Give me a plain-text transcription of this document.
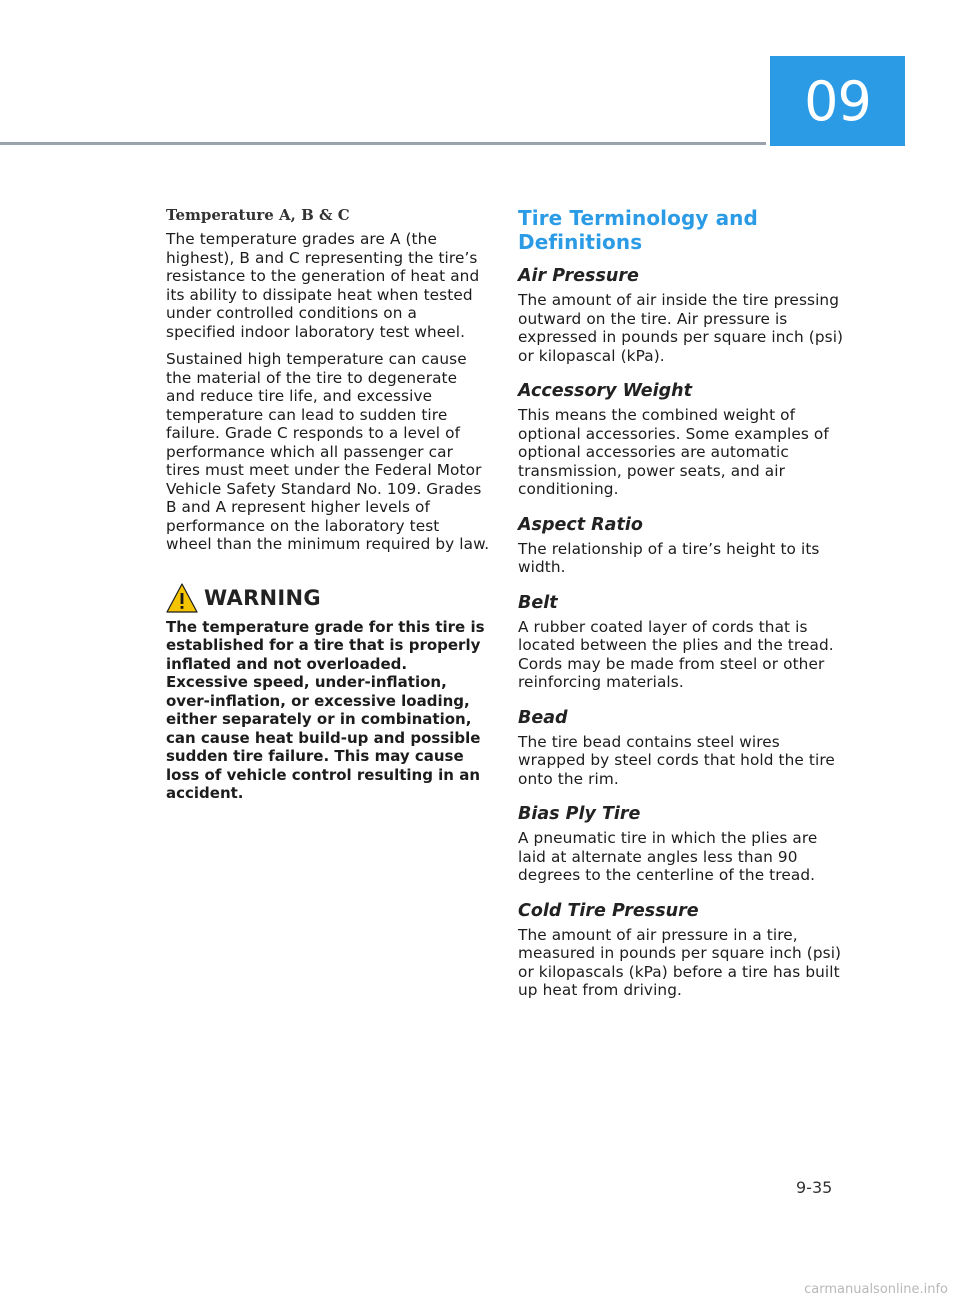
09
Temperature A, B & C

The temperature grades are A (the highest), B and C representing the tire’s resistance to the generation of heat and its ability to dissipate heat when tested under controlled conditions on a specified indoor laboratory test wheel.

Sustained high temperature can cause the material of the tire to degenerate and reduce tire life, and excessive temperature can lead to sudden tire failure. Grade C responds to a level of performance which all passenger car tires must meet under the Federal Motor Vehicle Safety Standard No. 109. Grades B and A represent higher levels of performance on the laboratory test wheel than the minimum required by law.

WARNING

The temperature grade for this tire is established for a tire that is properly inflated and not overloaded. Excessive speed, under-inflation, over-inflation, or excessive loading, either separately or in combination, can cause heat build-up and possible sudden tire failure. This may cause loss of vehicle control resulting in an accident.

Tire Terminology and Definitions
Air Pressure

The amount of air inside the tire pressing outward on the tire. Air pressure is expressed in pounds per square inch (psi) or kilopascal (kPa).

Accessory Weight

This means the combined weight of optional accessories. Some examples of optional accessories are automatic transmission, power seats, and air conditioning.

Aspect Ratio

The relationship of a tire’s height to its width.

Belt

A rubber coated layer of cords that is located between the plies and the tread. Cords may be made from steel or other reinforcing materials.

Bead

The tire bead contains steel wires wrapped by steel cords that hold the tire onto the rim.

Bias Ply Tire

A pneumatic tire in which the plies are laid at alternate angles less than 90 degrees to the centerline of the tread.

Cold Tire Pressure

The amount of air pressure in a tire, measured in pounds per square inch (psi) or kilopascals (kPa) before a tire has built up heat from driving.

9-35
carmanualsonline.info
